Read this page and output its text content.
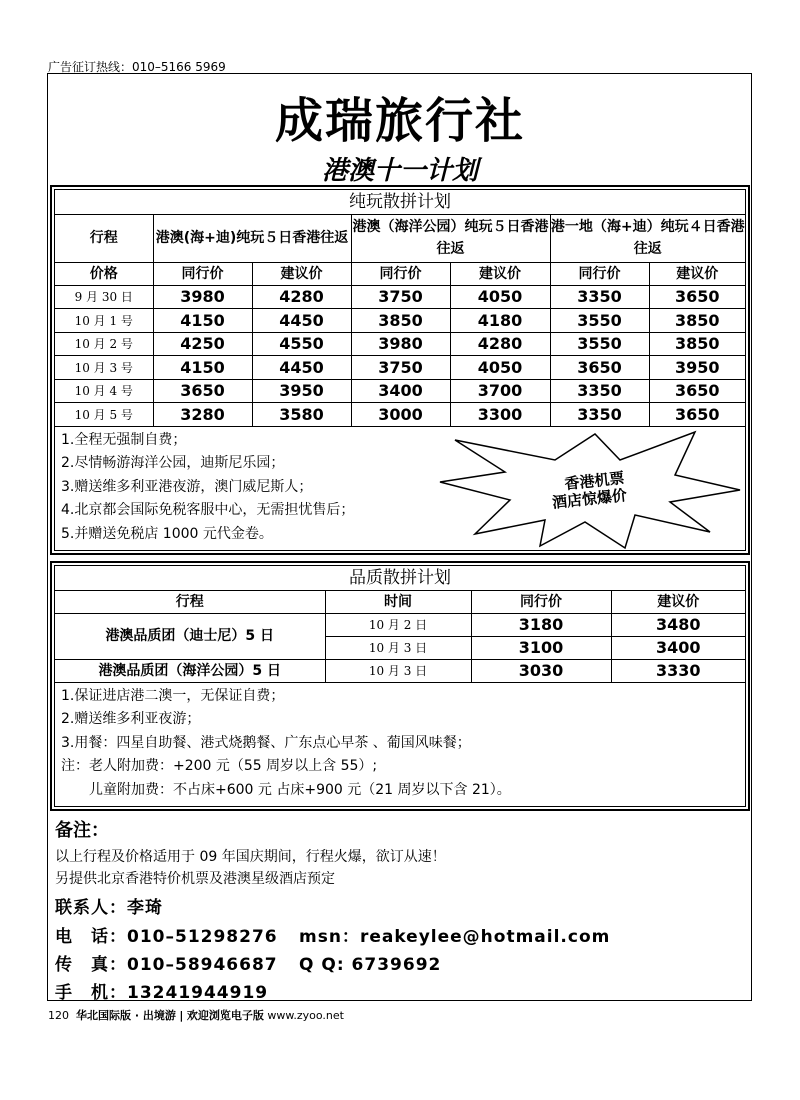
广告征订热线：010–5166 5969
成瑞旅行社
港澳十一计划
纯玩散拼计划
行程	港澳(海+迪)纯玩５日香港往返		港澳（海洋公园）纯玩５日香港往返		港一地（海+迪）纯玩４日香港往返	
价格	同行价	建议价	同行价	建议价	同行价	建议价
9 月 30 日	3980	4280	3750	4050	3350	3650
10 月 1 号	4150	4450	3850	4180	3550	3850
10 月 2 号	4250	4550	3980	4280	3550	3850
10 月 3 号	4150	4450	3750	4050	3650	3950
10 月 4 号	3650	3950	3400	3700	3350	3650
10 月 5 号	3280	3580	3000	3300	3350	3650
1.全程无强制自费；
2.尽情畅游海洋公园，迪斯尼乐园；
3.赠送维多利亚港夜游，澳门威尼斯人；
4.北京都会国际免税客服中心，无需担忧售后；
5.并赠送免税店 1000 元代金卷。
香港机票
酒店惊爆价
品质散拼计划
行程	时间	同行价	建议价
港澳品质团（迪士尼）5 日	10 月 2 日	3180	3480
	10 月 3 日	3100	3400
港澳品质团（海洋公园）5 日	10 月 3 日	3030	3330
1.保证进店港二澳一，无保证自费；
2.赠送维多利亚夜游；
3.用餐：四星自助餐、港式烧鹅餐、广东点心早茶 、葡国风味餐；
注：老人附加费：+200 元（55 周岁以上含 55）;
　　儿童附加费：不占床+600 元 占床+900 元（21 周岁以下含 21）。
备注：
以上行程及价格适用于 09 年国庆期间，行程火爆，欲订从速！
另提供北京香港特价机票及港澳星级酒店预定
联系人：李琦
电　话：010–51298276 msn：reakeylee@hotmail.com
传　真：010–58946687 Q Q: 6739692
手　机：13241944919
120 华北国际版 · 出境游 | 欢迎浏览电子版 www.zyoo.net
